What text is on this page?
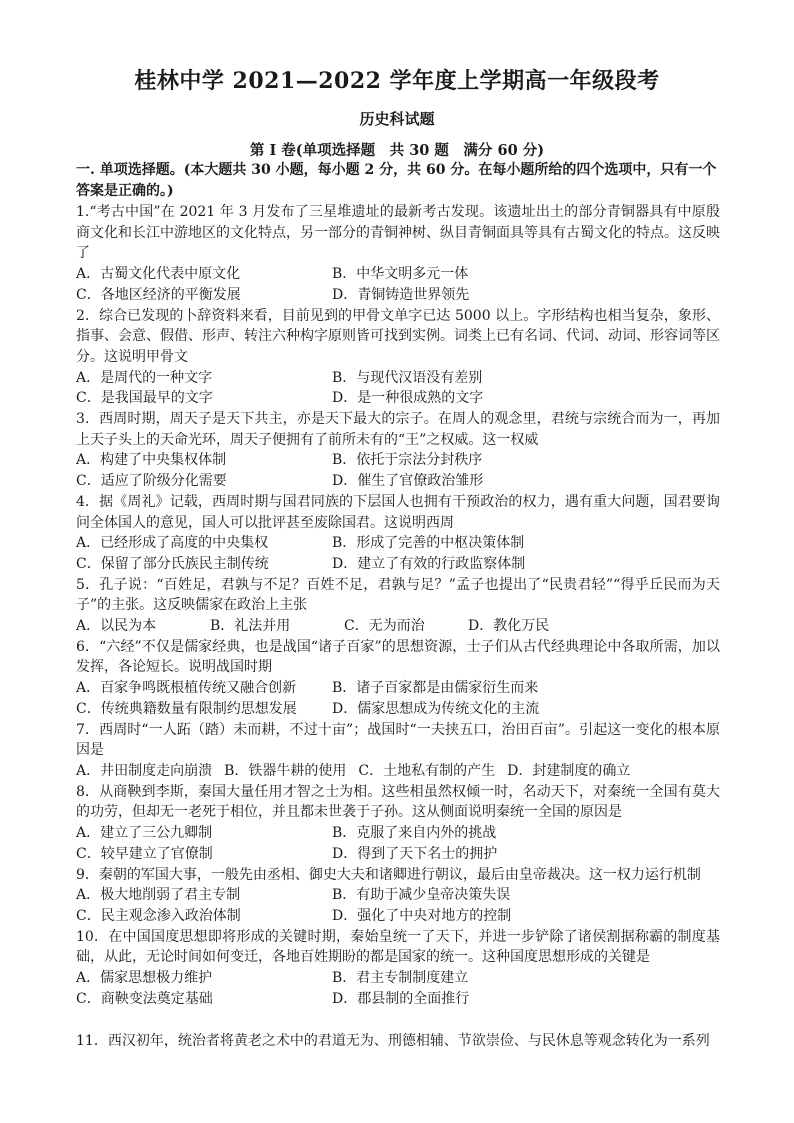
桂林中学 2021—2022 学年度上学期高一年级段考
历史科试题
第 I 卷(单项选择题　共 30 题　满分 60 分)

一. 单项选择题。(本大题共 30 小题，每小题 2 分，共 60 分。在每小题所给的四个选项中，只有一个答案是正确的。)

1.“考古中国”在 2021 年 3 月发布了三星堆遗址的最新考古发现。该遗址出土的部分青铜器具有中原殷商文化和长江中游地区的文化特点，另一部分的青铜神树、纵目青铜面具等具有古蜀文化的特点。这反映了

A．古蜀文化代表中原文化	B．中华文明多元一体
C．各地区经济的平衡发展	D．青铜铸造世界领先

2．综合已发现的卜辞资料来看，目前见到的甲骨文单字已达 5000 以上。字形结构也相当复杂，象形、指事、会意、假借、形声、转注六种构字原则皆可找到实例。词类上已有名词、代词、动词、形容词等区分。这说明甲骨文

A．是周代的一种文字	B．与现代汉语没有差别
C．是我国最早的文字	D．是一种很成熟的文字

3．西周时期，周天子是天下共主，亦是天下最大的宗子。在周人的观念里，君统与宗统合而为一，再加上天子头上的天命光环，周天子便拥有了前所未有的“王”之权威。这一权威

A．构建了中央集权体制	B．依托于宗法分封秩序
C．适应了阶级分化需要	D．催生了官僚政治雏形

4．据《周礼》记载，西周时期与国君同族的下层国人也拥有干预政治的权力，遇有重大问题，国君要询问全体国人的意见，国人可以批评甚至废除国君。这说明西周

A．已经形成了高度的中央集权	B．形成了完善的中枢决策体制
C．保留了部分氏族民主制传统	D．建立了有效的行政监察体制

5．孔子说：“百姓足，君孰与不足？百姓不足，君孰与足？”孟子也提出了“民贵君轻”“得乎丘民而为天子”的主张。这反映儒家在政治上主张

A．以民为本	B．礼法并用	C．无为而治	D．教化万民

6．“六经”不仅是儒家经典，也是战国“诸子百家”的思想资源，士子们从古代经典理论中各取所需，加以发挥，各论短长。说明战国时期

A．百家争鸣既根植传统又融合创新	B．诸子百家都是由儒家衍生而来
C．传统典籍数量有限制约思想发展	D．儒家思想成为传统文化的主流

7．西周时“一人跖（踏）未而耕，不过十亩”；战国时“一夫挟五口，治田百亩”。引起这一变化的根本原因是

A．井田制度走向崩溃 B．铁器牛耕的使用 C．土地私有制的产生 D．封建制度的确立

8．从商鞅到李斯，秦国大量任用才智之士为相。这些相虽然权倾一时，名动天下，对秦统一全国有莫大的功劳，但却无一老死于相位，并且都未世袭于子孙。这从侧面说明秦统一全国的原因是

A．建立了三公九卿制	B．克服了来自内外的挑战
C．较早建立了官僚制	D．得到了天下名士的拥护

9．秦朝的军国大事，一般先由丞相、御史大夫和诸卿进行朝议，最后由皇帝裁决。这一权力运行机制

A．极大地削弱了君主专制	B．有助于减少皇帝决策失误
C．民主观念渗入政治体制	D．强化了中央对地方的控制

10．在中国国度思想即将形成的关键时期，秦始皇统一了天下，并进一步铲除了诸侯割据称霸的制度基础，从此，无论时间如何变迁，各地百姓期盼的都是国家的统一。这种国度思想形成的关键是

A．儒家思想极力维护	B．君主专制制度建立
C．商鞅变法奠定基础	D．郡县制的全面推行

11．西汉初年，统治者将黄老之术中的君道无为、刑德相辅、节欲崇俭、与民休息等观念转化为一系列
